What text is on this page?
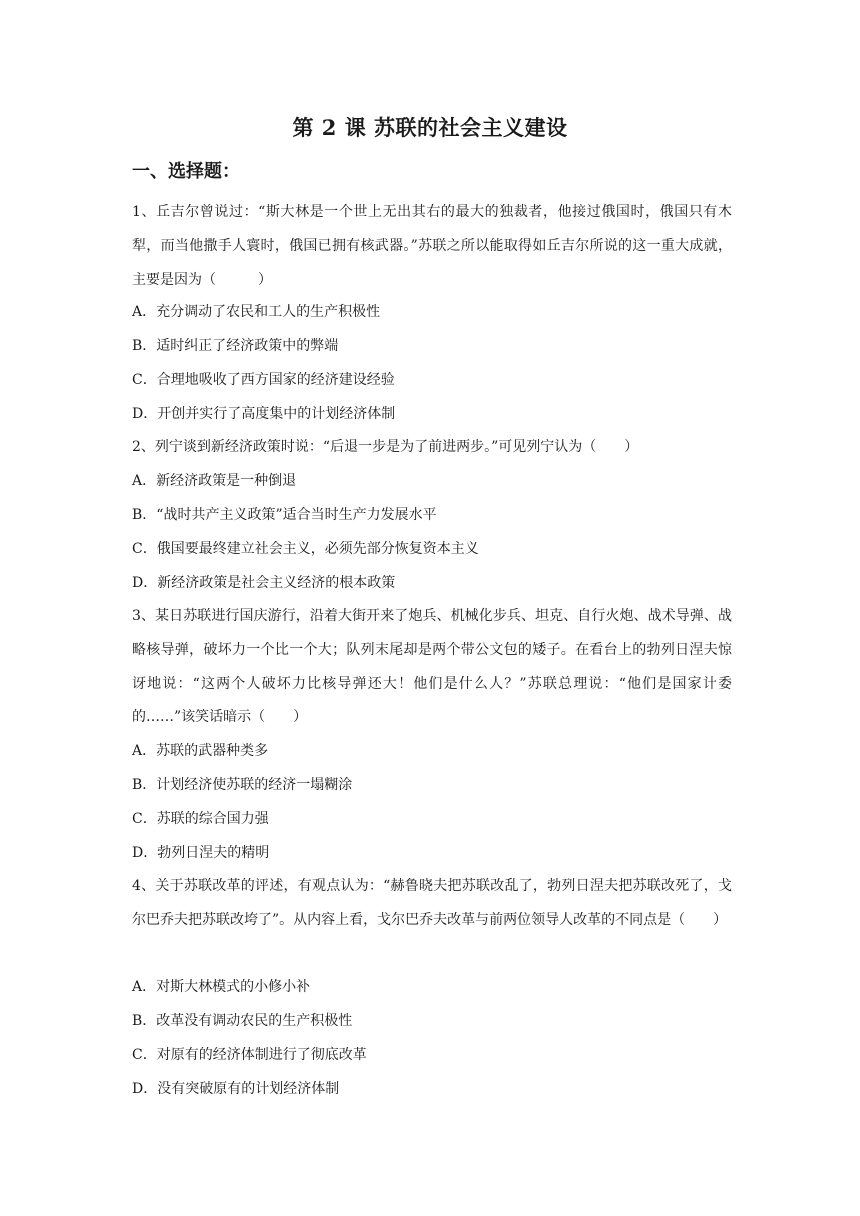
第 2 课 苏联的社会主义建设
一、选择题：

1、丘吉尔曾说过：“斯大林是一个世上无出其右的最大的独裁者，他接过俄国时，俄国只有木犁，而当他撒手人寰时，俄国已拥有核武器。”苏联之所以能取得如丘吉尔所说的这一重大成就，主要是因为（　　　）

A．充分调动了农民和工人的生产积极性

B．适时纠正了经济政策中的弊端

C．合理地吸收了西方国家的经济建设经验

D．开创并实行了高度集中的计划经济体制

2、列宁谈到新经济政策时说：“后退一步是为了前进两步。”可见列宁认为（　　）

A．新经济政策是一种倒退

B．“战时共产主义政策”适合当时生产力发展水平

C．俄国要最终建立社会主义，必须先部分恢复资本主义

D．新经济政策是社会主义经济的根本政策

3、某日苏联进行国庆游行，沿着大街开来了炮兵、机械化步兵、坦克、自行火炮、战术导弹、战略核导弹，破坏力一个比一个大；队列末尾却是两个带公文包的矮子。在看台上的勃列日涅夫惊讶地说：“这两个人破坏力比核导弹还大！他们是什么人？”苏联总理说：“他们是国家计委的……”该笑话暗示（　　）

A．苏联的武器种类多

B．计划经济使苏联的经济一塌糊涂

C．苏联的综合国力强

D．勃列日涅夫的精明

4、关于苏联改革的评述，有观点认为：“赫鲁晓夫把苏联改乱了，勃列日涅夫把苏联改死了，戈尔巴乔夫把苏联改垮了”。从内容上看，戈尔巴乔夫改革与前两位领导人改革的不同点是（　　）

A．对斯大林模式的小修小补

B．改革没有调动农民的生产积极性

C．对原有的经济体制进行了彻底改革

D．没有突破原有的计划经济体制
